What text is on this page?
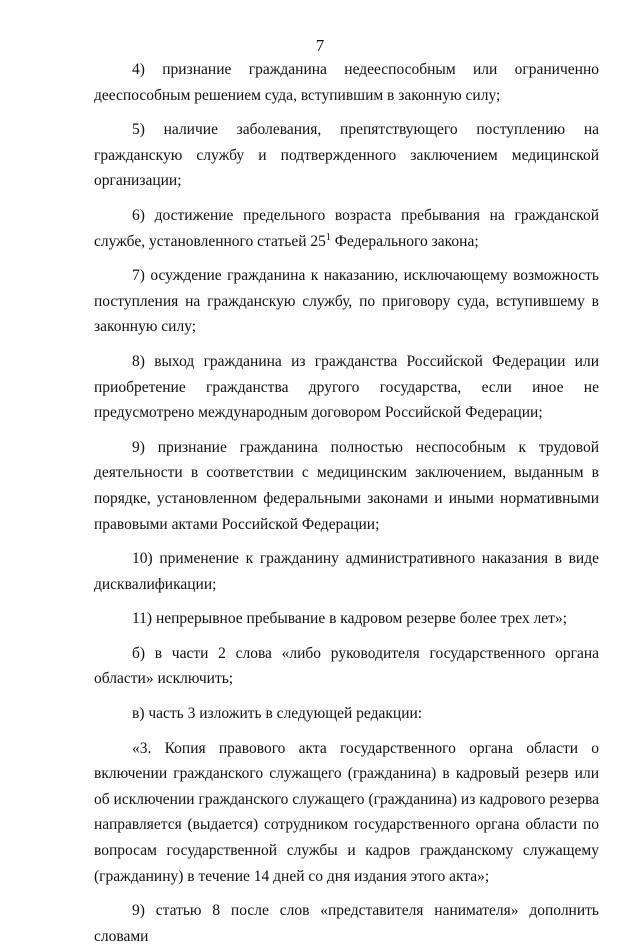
7

4) признание гражданина недееспособным или ограниченно дееспособным решением суда, вступившим в законную силу;

5) наличие заболевания, препятствующего поступлению на гражданскую службу и подтвержденного заключением медицинской организации;

6) достижение предельного возраста пребывания на гражданской службе, установленного статьей $25^1$ Федерального закона;

7) осуждение гражданина к наказанию, исключающему возможность поступления на гражданскую службу, по приговору суда, вступившему в законную силу;

8) выход гражданина из гражданства Российской Федерации или приобретение гражданства другого государства, если иное не предусмотрено международным договором Российской Федерации;

9) признание гражданина полностью неспособным к трудовой деятельности в соответствии с медицинским заключением, выданным в порядке, установленном федеральными законами и иными нормативными правовыми актами Российской Федерации;

10) применение к гражданину административного наказания в виде дисквалификации;

11) непрерывное пребывание в кадровом резерве более трех лет»;

б) в части 2 слова «либо руководителя государственного органа области» исключить;

в) часть 3 изложить в следующей редакции:

«3. Копия правового акта государственного органа области о включении гражданского служащего (гражданина) в кадровый резерв или об исключении гражданского служащего (гражданина) из кадрового резерва направляется (выдается) сотрудником государственного органа области по вопросам государственной службы и кадров гражданскому служащему (гражданину) в течение 14 дней со дня издания этого акта»;

9) статью 8 после слов «представителя нанимателя» дополнить словами
